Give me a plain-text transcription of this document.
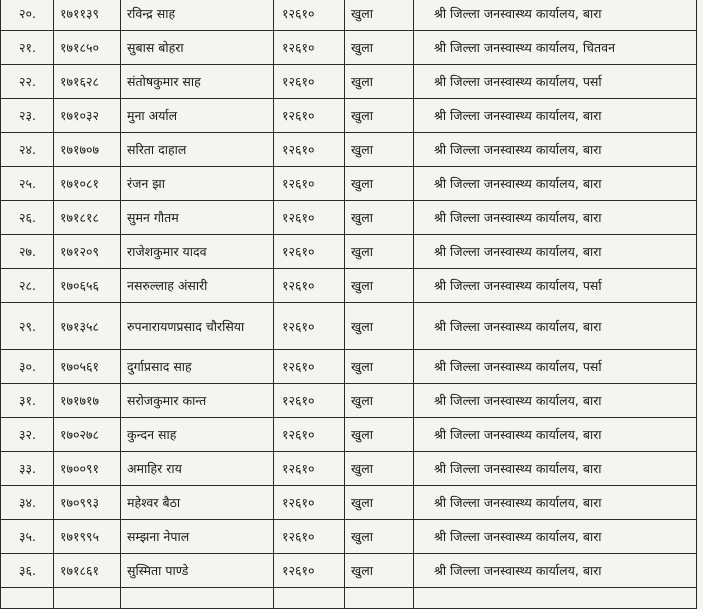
२०.	१७११३९	रविन्द्र साह	१२६१०	खुला	श्री जिल्ला जनस्वास्थ्य कार्यालय, बारा
२१.	१७१८५०	सुबास बोहरा	१२६१०	खुला	श्री जिल्ला जनस्वास्थ्य कार्यालय, चितवन
२२.	१७१६२८	संतोषकुमार साह	१२६१०	खुला	श्री जिल्ला जनस्वास्थ्य कार्यालय, पर्सा
२३.	१७१०३२	मुना अर्याल	१२६१०	खुला	श्री जिल्ला जनस्वास्थ्य कार्यालय, बारा
२४.	१७१७०७	सरिता दाहाल	१२६१०	खुला	श्री जिल्ला जनस्वास्थ्य कार्यालय, बारा
२५.	१७१०८१	रंजन झा	१२६१०	खुला	श्री जिल्ला जनस्वास्थ्य कार्यालय, बारा
२६.	१७१८१८	सुमन गौतम	१२६१०	खुला	श्री जिल्ला जनस्वास्थ्य कार्यालय, बारा
२७.	१७१२०९	राजेशकुमार यादव	१२६१०	खुला	श्री जिल्ला जनस्वास्थ्य कार्यालय, बारा
२८.	१७०६५६	नसरुल्लाह अंसारी	१२६१०	खुला	श्री जिल्ला जनस्वास्थ्य कार्यालय, पर्सा
२९.	१७१३५८	रुपनारायणप्रसाद चौरसिया	१२६१०	खुला	श्री जिल्ला जनस्वास्थ्य कार्यालय, बारा
३०.	१७०५६१	दुर्गाप्रसाद साह	१२६१०	खुला	श्री जिल्ला जनस्वास्थ्य कार्यालय, पर्सा
३१.	१७१७१७	सरोजकुमार कान्त	१२६१०	खुला	श्री जिल्ला जनस्वास्थ्य कार्यालय, बारा
३२.	१७०२७८	कुन्दन साह	१२६१०	खुला	श्री जिल्ला जनस्वास्थ्य कार्यालय, बारा
३३.	१७००९१	अमाहिर राय	१२६१०	खुला	श्री जिल्ला जनस्वास्थ्य कार्यालय, बारा
३४.	१७०९९३	महेश्वर बैठा	१२६१०	खुला	श्री जिल्ला जनस्वास्थ्य कार्यालय, बारा
३५.	१७१९९५	सम्झना नेपाल	१२६१०	खुला	श्री जिल्ला जनस्वास्थ्य कार्यालय, बारा
३६.	१७१८६१	सुस्मिता पाण्डे	१२६१०	खुला	श्री जिल्ला जनस्वास्थ्य कार्यालय, बारा
